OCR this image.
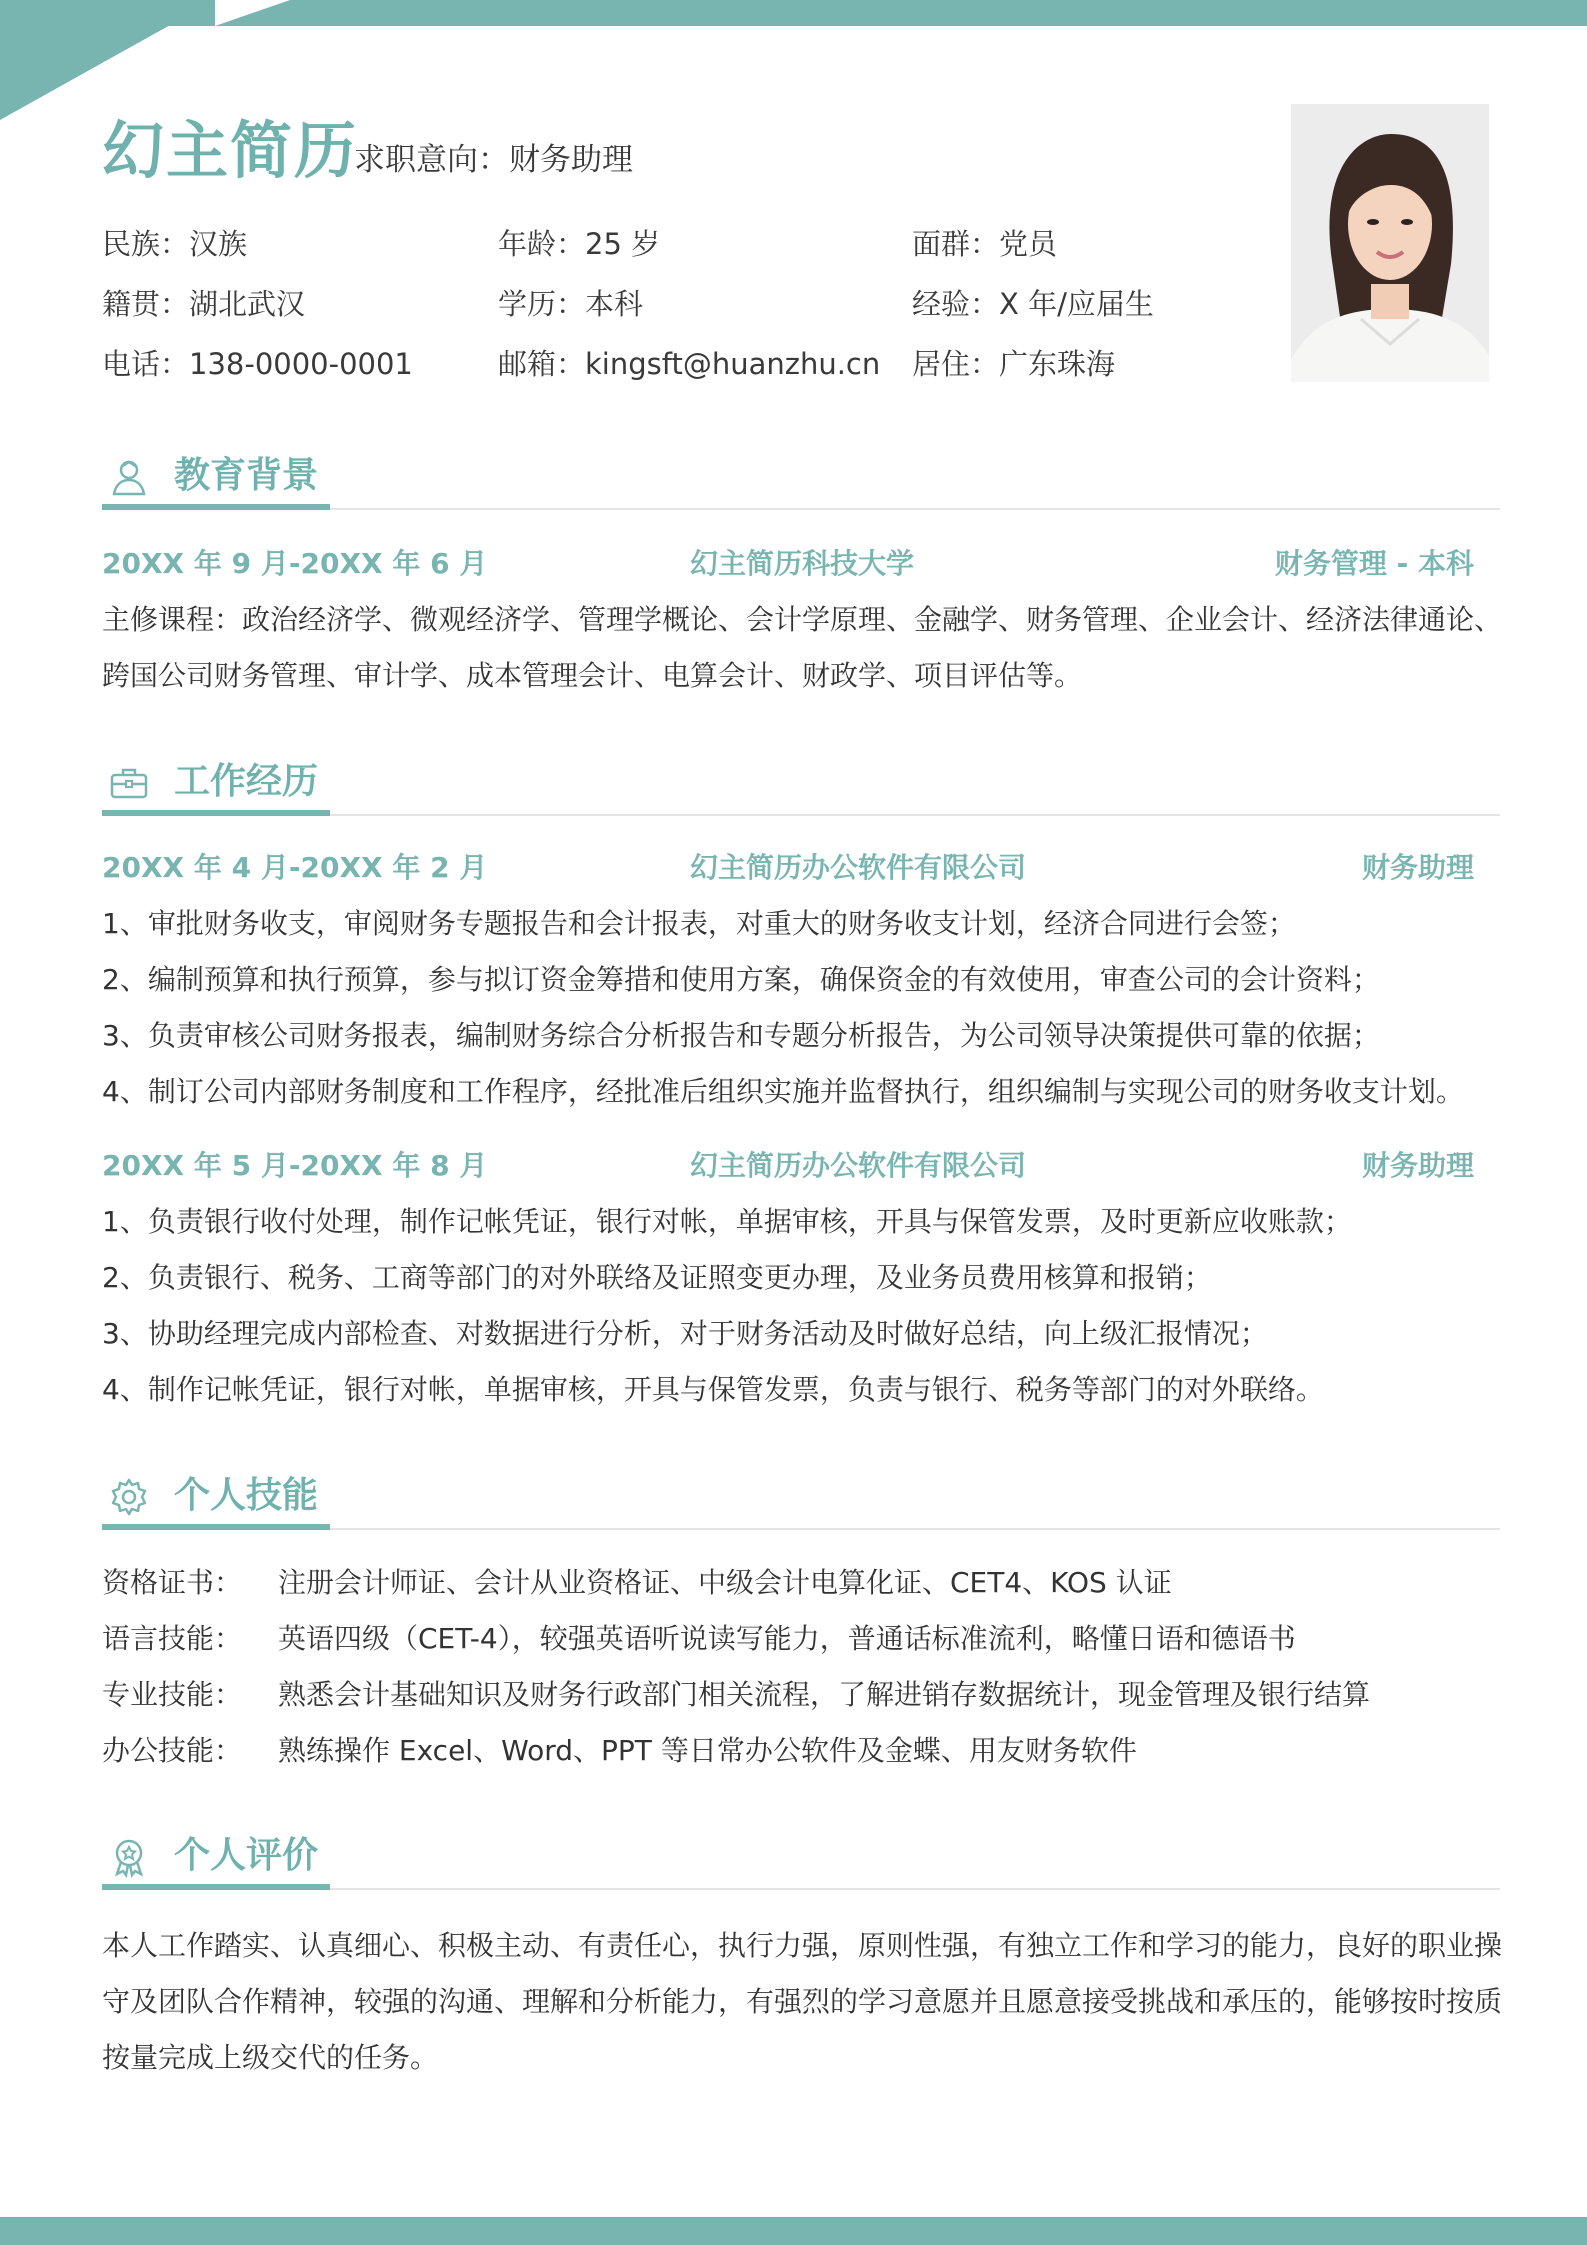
幻主简历
求职意向：财务助理
民族：汉族	年龄：25 岁	面群：党员
籍贯：湖北武汉	学历：本科	经验：X 年/应届生
电话：138-0000-0001	邮箱：kingsft@huanzhu.cn 居住：广东珠海
教育背景
20XX 年 9 月-20XX 年 6 月	幻主简历科技大学	财务管理 - 本科
主修课程：政治经济学、微观经济学、管理学概论、会计学原理、金融学、财务管理、企业会计、经济法律通论、跨国公司财务管理、审计学、成本管理会计、电算会计、财政学、项目评估等。
工作经历
20XX 年 4 月-20XX 年 2 月	幻主简历办公软件有限公司	财务助理
1、审批财务收支，审阅财务专题报告和会计报表，对重大的财务收支计划，经济合同进行会签；
2、编制预算和执行预算，参与拟订资金筹措和使用方案，确保资金的有效使用，审查公司的会计资料；
3、负责审核公司财务报表，编制财务综合分析报告和专题分析报告，为公司领导决策提供可靠的依据；
4、制订公司内部财务制度和工作程序，经批准后组织实施并监督执行，组织编制与实现公司的财务收支计划。
20XX 年 5 月-20XX 年 8 月	幻主简历办公软件有限公司	财务助理
1、负责银行收付处理，制作记帐凭证，银行对帐，单据审核，开具与保管发票，及时更新应收账款；
2、负责银行、税务、工商等部门的对外联络及证照变更办理，及业务员费用核算和报销；
3、协助经理完成内部检查、对数据进行分析，对于财务活动及时做好总结，向上级汇报情况；
4、制作记帐凭证，银行对帐，单据审核，开具与保管发票，负责与银行、税务等部门的对外联络。
个人技能
资格证书： 注册会计师证、会计从业资格证、中级会计电算化证、CET4、KOS 认证
语言技能： 英语四级（CET-4），较强英语听说读写能力，普通话标准流利，略懂日语和德语书
专业技能： 熟悉会计基础知识及财务行政部门相关流程，了解进销存数据统计，现金管理及银行结算
办公技能： 熟练操作 Excel、Word、PPT 等日常办公软件及金蝶、用友财务软件
个人评价
本人工作踏实、认真细心、积极主动、有责任心，执行力强，原则性强，有独立工作和学习的能力，良好的职业操守及团队合作精神，较强的沟通、理解和分析能力，有强烈的学习意愿并且愿意接受挑战和承压的，能够按时按质按量完成上级交代的任务。
